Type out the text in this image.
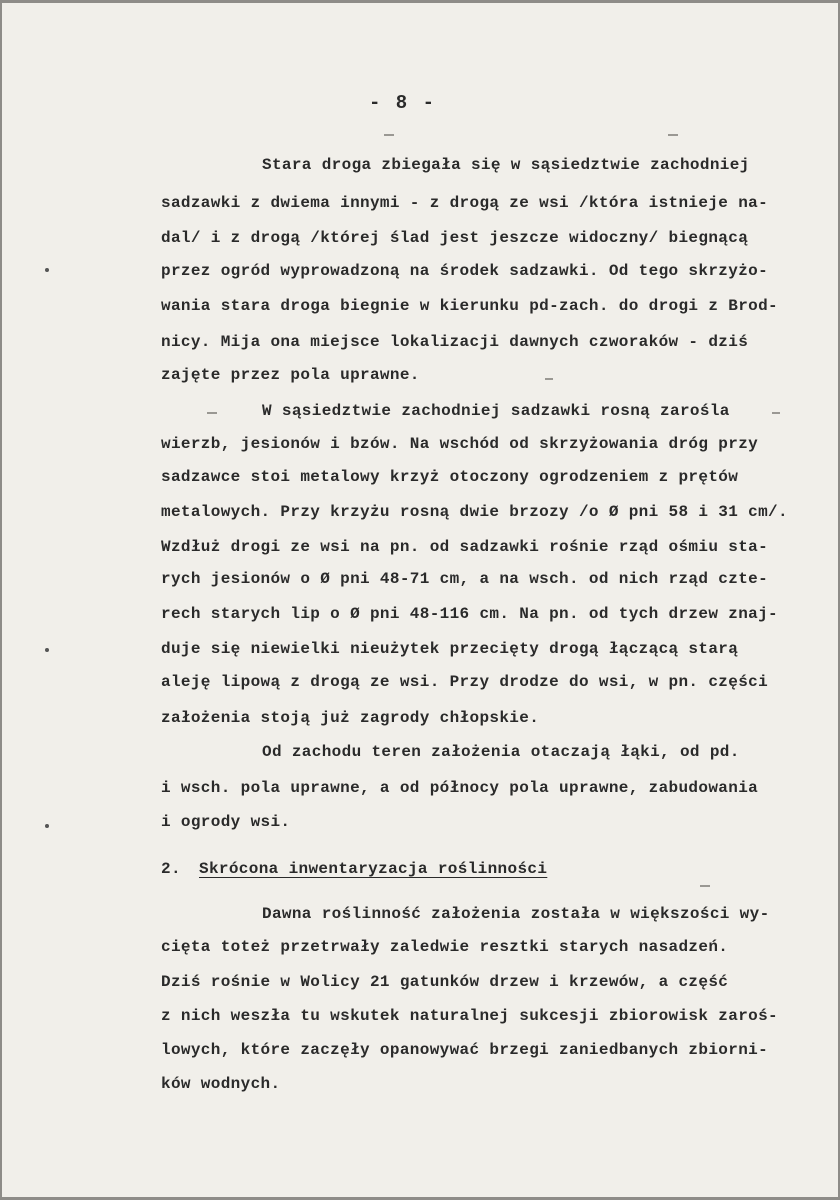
- 8 -
Stara droga zbiegała się w sąsiedztwie zachodniej
sadzawki z dwiema innymi - z drogą ze wsi /która istnieje na-
dal/ i z drogą /której ślad jest jeszcze widoczny/ biegnącą
przez ogród wyprowadzoną na środek sadzawki. Od tego skrzyżo-
wania stara droga biegnie w kierunku pd-zach. do drogi z Brod-
nicy. Mija ona miejsce lokalizacji dawnych czworaków - dziś
zajęte przez pola uprawne.
W sąsiedztwie zachodniej sadzawki rosną zarośla
wierzb, jesionów i bzów. Na wschód od skrzyżowania dróg przy
sadzawce stoi metalowy krzyż otoczony ogrodzeniem z prętów
metalowych. Przy krzyżu rosną dwie brzozy /o Ø pni 58 i 31 cm/.
Wzdłuż drogi ze wsi na pn. od sadzawki rośnie rząd ośmiu sta-
rych jesionów o Ø pni 48-71 cm, a na wsch. od nich rząd czte-
rech starych lip o Ø pni 48-116 cm. Na pn. od tych drzew znaj-
duje się niewielki nieużytek przecięty drogą łączącą starą
aleję lipową z drogą ze wsi. Przy drodze do wsi, w pn. części
założenia stoją już zagrody chłopskie.
Od zachodu teren założenia otaczają łąki, od pd.
i wsch. pola uprawne, a od północy pola uprawne, zabudowania
i ogrody wsi.
2. Skrócona inwentaryzacja roślinności
Dawna roślinność założenia została w większości wy-
cięta toteż przetrwały zaledwie resztki starych nasadzeń.
Dziś rośnie w Wolicy 21 gatunków drzew i krzewów, a część
z nich weszła tu wskutek naturalnej sukcesji zbiorowisk zaroś-
lowych, które zaczęły opanowywać brzegi zaniedbanych zbiorni-
ków wodnych.
